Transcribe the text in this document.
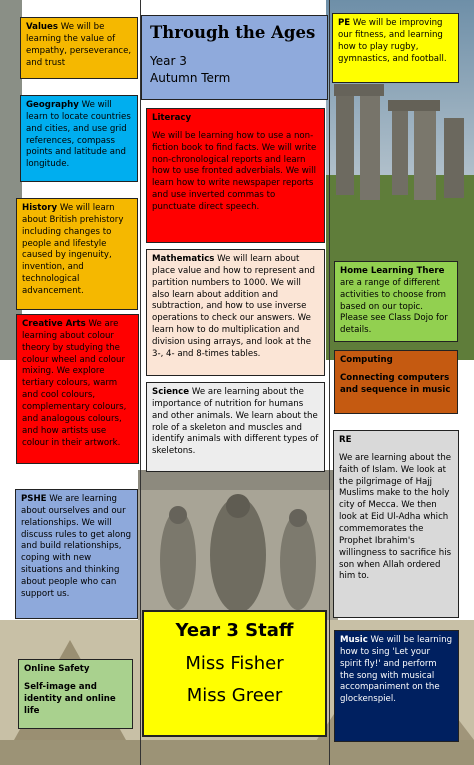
Values We will be learning the value of empathy, perseverance, and trust
Geography We will learn to locate countries and cities, and use grid references, compass points and latitude and longitude.
History We will learn about British prehistory including changes to people and lifestyle caused by ingenuity, invention, and technological advancement.
Creative Arts We are learning about colour theory by studying the colour wheel and colour mixing. We explore tertiary colours, warm and cool colours, complementary colours, and analogous colours, and how artists use colour in their artwork.
PSHE We are learning about ourselves and our relationships. We will discuss rules to get along and build relationships, coping with new situations and thinking about people who can support us.
Online Safety
Self-image and identity and online life
Through the Ages
Year 3
Autumn Term
Literacy
We will be learning how to use a non-fiction book to find facts. We will write non-chronological reports and learn how to use fronted adverbials. We will learn how to write newspaper reports and use inverted commas to punctuate direct speech.
Mathematics We will learn about place value and how to represent and partition numbers to 1000. We will also learn about addition and subtraction, and how to use inverse operations to check our answers. We learn how to do multiplication and division using arrays, and look at the 3-, 4- and 8-times tables.
Science We are learning about the importance of nutrition for humans and other animals. We learn about the role of a skeleton and muscles and identify animals with different types of skeletons.
Year 3 Staff
Miss Fisher
Miss Greer
PE We will be improving our fitness, and learning how to play rugby, gymnastics, and football.
Home Learning There are a range of different activities to choose from based on our topic. Please see Class Dojo for details.
Computing
Connecting computers and sequence in music
RE
We are learning about the faith of Islam. We look at the pilgrimage of Hajj Muslims make to the holy city of Mecca. We then look at Eid Ul-Adha which commemorates the Prophet Ibrahim's willingness to sacrifice his son when Allah ordered him to.
Music We will be learning how to sing 'Let your spirit fly!' and perform the song with musical accompaniment on the glockenspiel.
